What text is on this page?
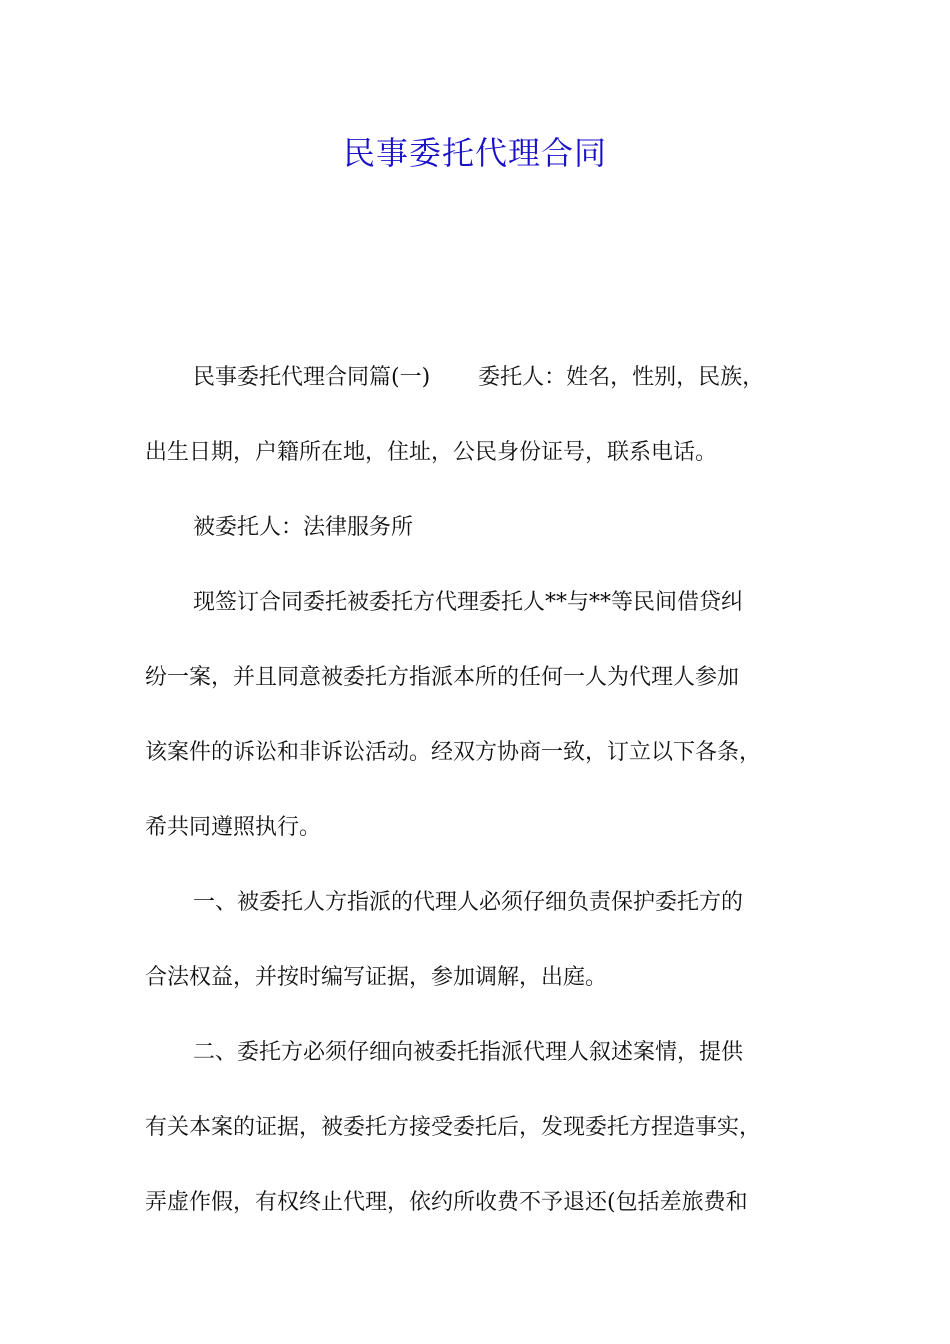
民事委托代理合同

民事委托代理合同篇(一) 委托人：姓名，性别，民族，

出生日期，户籍所在地，住址，公民身份证号，联系电话。

被委托人：法律服务所

现签订合同委托被委托方代理委托人**与**等民间借贷纠

纷一案，并且同意被委托方指派本所的任何一人为代理人参加

该案件的诉讼和非诉讼活动。经双方协商一致，订立以下各条，

希共同遵照执行。

一、被委托人方指派的代理人必须仔细负责保护委托方的

合法权益，并按时编写证据，参加调解，出庭。

二、委托方必须仔细向被委托指派代理人叙述案情，提供

有关本案的证据，被委托方接受委托后，发现委托方捏造事实，

弄虚作假，有权终止代理，依约所收费不予退还(包括差旅费和
